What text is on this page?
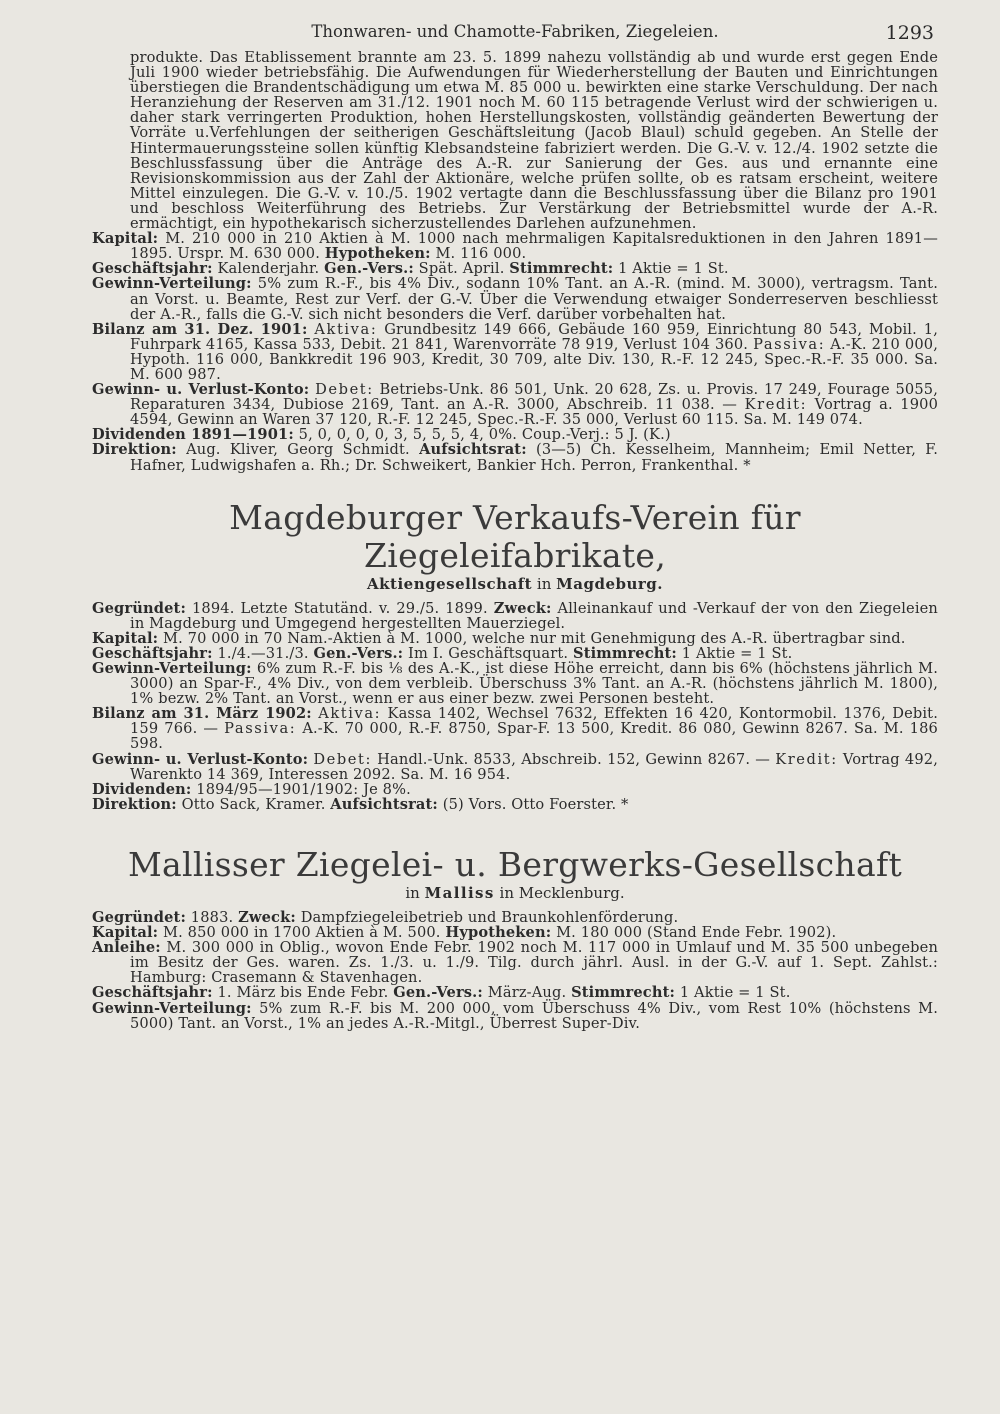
Thonwaren- und Chamotte-Fabriken, Ziegeleien.	1293

produkte. Das Etablissement brannte am 23. 5. 1899 nahezu vollständig ab und wurde erst gegen Ende Juli 1900 wieder betriebsfähig. Die Aufwendungen für Wiederherstellung der Bauten und Einrichtungen überstiegen die Brandentschädigung um etwa M. 85 000 u. bewirkten eine starke Verschuldung. Der nach Heranziehung der Reserven am 31./12. 1901 noch M. 60 115 betragende Verlust wird der schwierigen u. daher stark verringerten Produktion, hohen Herstellungskosten, vollständig geänderten Bewertung der Vorräte u.Verfehlungen der seitherigen Geschäftsleitung (Jacob Blaul) schuld gegeben. An Stelle der Hintermauerungssteine sollen künftig Klebsandsteine fabriziert werden. Die G.-V. v. 12./4. 1902 setzte die Beschlussfassung über die Anträge des A.-R. zur Sanierung der Ges. aus und ernannte eine Revisionskommission aus der Zahl der Aktionäre, welche prüfen sollte, ob es ratsam erscheint, weitere Mittel einzulegen. Die G.-V. v. 10./5. 1902 vertagte dann die Beschlussfassung über die Bilanz pro 1901 und beschloss Weiterführung des Betriebs. Zur Verstärkung der Betriebsmittel wurde der A.-R. ermächtigt, ein hypothekarisch sicherzustellendes Darlehen aufzunehmen.

Kapital: M. 210 000 in 210 Aktien à M. 1000 nach mehrmaligen Kapitalsreduktionen in den Jahren 1891—1895. Urspr. M. 630 000. Hypotheken: M. 116 000.

Geschäftsjahr: Kalenderjahr. Gen.-Vers.: Spät. April. Stimmrecht: 1 Aktie = 1 St.

Gewinn-Verteilung: 5% zum R.-F., bis 4% Div., sodann 10% Tant. an A.-R. (mind. M. 3000), vertragsm. Tant. an Vorst. u. Beamte, Rest zur Verf. der G.-V. Über die Verwendung etwaiger Sonderreserven beschliesst der A.-R., falls die G.-V. sich nicht besonders die Verf. darüber vorbehalten hat.

Bilanz am 31. Dez. 1901: Aktiva: Grundbesitz 149 666, Gebäude 160 959, Einrichtung 80 543, Mobil. 1, Fuhrpark 4165, Kassa 533, Debit. 21 841, Warenvorräte 78 919, Verlust 104 360. Passiva: A.-K. 210 000, Hypoth. 116 000, Bankkredit 196 903, Kredit, 30 709, alte Div. 130, R.-F. 12 245, Spec.-R.-F. 35 000. Sa. M. 600 987.

Gewinn- u. Verlust-Konto: Debet: Betriebs-Unk. 86 501, Unk. 20 628, Zs. u. Provis. 17 249, Fourage 5055, Reparaturen 3434, Dubiose 2169, Tant. an A.-R. 3000, Abschreib. 11 038. — Kredit: Vortrag a. 1900 4594, Gewinn an Waren 37 120, R.-F. 12 245, Spec.-R.-F. 35 000, Verlust 60 115. Sa. M. 149 074.

Dividenden 1891—1901: 5, 0, 0, 0, 0, 3, 5, 5, 5, 4, 0%. Coup.-Verj.: 5 J. (K.)

Direktion: Aug. Kliver, Georg Schmidt. Aufsichtsrat: (3—5) Ch. Kesselheim, Mannheim; Emil Netter, F. Hafner, Ludwigshafen a. Rh.; Dr. Schweikert, Bankier Hch. Perron, Frankenthal. *

Magdeburger Verkaufs-Verein für Ziegeleifabrikate,
Aktiengesellschaft in Magdeburg.

Gegründet: 1894. Letzte Statutänd. v. 29./5. 1899. Zweck: Alleinankauf und -Verkauf der von den Ziegeleien in Magdeburg und Umgegend hergestellten Mauerziegel.

Kapital: M. 70 000 in 70 Nam.-Aktien à M. 1000, welche nur mit Genehmigung des A.-R. übertragbar sind.

Geschäftsjahr: 1./4.—31./3. Gen.-Vers.: Im I. Geschäftsquart. Stimmrecht: 1 Aktie = 1 St.

Gewinn-Verteilung: 6% zum R.-F. bis ⅛ des A.-K., ist diese Höhe erreicht, dann bis 6% (höchstens jährlich M. 3000) an Spar-F., 4% Div., von dem verbleib. Überschuss 3% Tant. an A.-R. (höchstens jährlich M. 1800), 1% bezw. 2% Tant. an Vorst., wenn er aus einer bezw. zwei Personen besteht.

Bilanz am 31. März 1902: Aktiva: Kassa 1402, Wechsel 7632, Effekten 16 420, Kontormobil. 1376, Debit. 159 766. — Passiva: A.-K. 70 000, R.-F. 8750, Spar-F. 13 500, Kredit. 86 080, Gewinn 8267. Sa. M. 186 598.

Gewinn- u. Verlust-Konto: Debet: Handl.-Unk. 8533, Abschreib. 152, Gewinn 8267. — Kredit: Vortrag 492, Warenkto 14 369, Interessen 2092. Sa. M. 16 954.

Dividenden: 1894/95—1901/1902: Je 8%.

Direktion: Otto Sack, Kramer. Aufsichtsrat: (5) Vors. Otto Foerster. *

Mallisser Ziegelei- u. Bergwerks-Gesellschaft
in Malliss in Mecklenburg.

Gegründet: 1883. Zweck: Dampfziegeleibetrieb und Braunkohlenförderung.

Kapital: M. 850 000 in 1700 Aktien à M. 500. Hypotheken: M. 180 000 (Stand Ende Febr. 1902).

Anleihe: M. 300 000 in Oblig., wovon Ende Febr. 1902 noch M. 117 000 in Umlauf und M. 35 500 unbegeben im Besitz der Ges. waren. Zs. 1./3. u. 1./9. Tilg. durch jährl. Ausl. in der G.-V. auf 1. Sept. Zahlst.: Hamburg: Crasemann & Stavenhagen.

Geschäftsjahr: 1. März bis Ende Febr. Gen.-Vers.: März-Aug. Stimmrecht: 1 Aktie = 1 St.

Gewinn-Verteilung: 5% zum R.-F. bis M. 200 000, vom Überschuss 4% Div., vom Rest 10% (höchstens M. 5000) Tant. an Vorst., 1% an jedes A.-R.-Mitgl., Überrest Super-Div.
